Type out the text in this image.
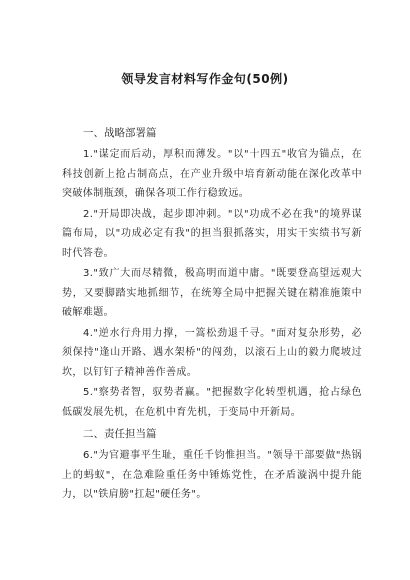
领导发言材料写作金句(50例)
一、战略部署篇

1."谋定而后动，厚积而薄发。"以"十四五"收官为锚点，在科技创新上抢占制高点，在产业升级中培育新动能在深化改革中突破体制瓶颈，确保各项工作行稳致远。

2."开局即决战，起步即冲刺。"以"功成不必在我"的境界谋篇布局，以"功成必定有我"的担当狠抓落实，用实干实绩书写新时代答卷。

3."致广大而尽精微，极高明而道中庸。"既要登高望远观大势，又要脚踏实地抓细节，在统筹全局中把握关键在精准施策中破解难题。

4."逆水行舟用力撑，一篙松劲退千寻。"面对复杂形势，必须保持"逢山开路、遇水架桥"的闯劲，以滚石上山的毅力爬坡过坎，以钉钉子精神善作善成。

5."察势者智，驭势者赢。"把握数字化转型机遇，抢占绿色低碳发展先机，在危机中育先机，于变局中开新局。

二、责任担当篇

6."为官避事平生耻，重任千钧惟担当。"领导干部要做"热锅上的蚂蚁"，在急难险重任务中锤炼党性，在矛盾漩涡中提升能力，以"铁肩膀"扛起"硬任务"。
